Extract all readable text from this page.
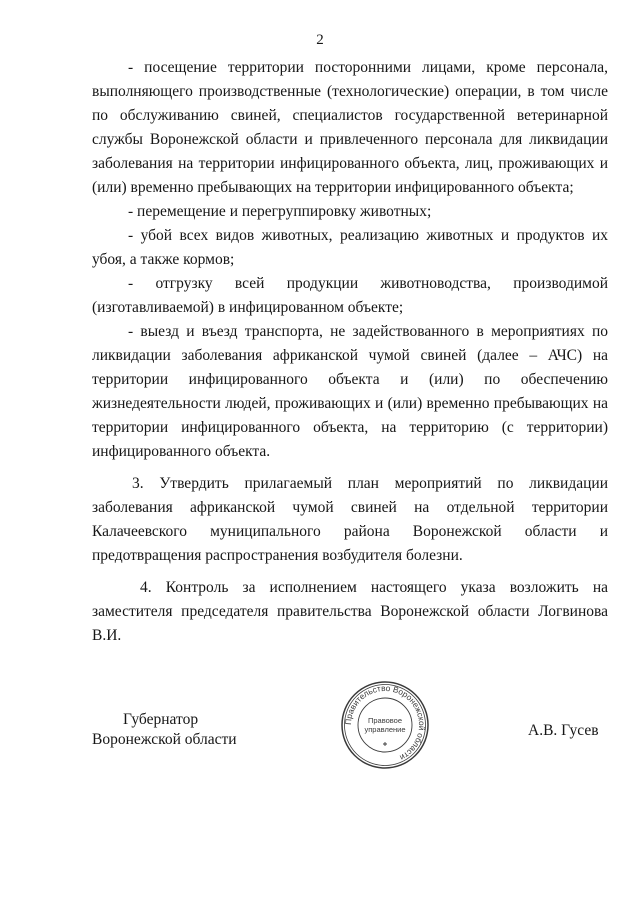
2

- посещение территории посторонними лицами, кроме персонала, выполняющего производственные (технологические) операции, в том числе по обслуживанию свиней, специалистов государственной ветеринарной службы Воронежской области и привлеченного персонала для ликвидации заболевания на территории инфицированного объекта, лиц, проживающих и (или) временно пребывающих на территории инфицированного объекта;

- перемещение и перегруппировку животных;

- убой всех видов животных, реализацию животных и продуктов их убоя, а также кормов;

- отгрузку всей продукции животноводства, производимой (изготавливаемой) в инфицированном объекте;

- выезд и въезд транспорта, не задействованного в мероприятиях по ликвидации заболевания африканской чумой свиней (далее – АЧС) на территории инфицированного объекта и (или) по обеспечению жизнедеятельности людей, проживающих и (или) временно пребывающих на территории инфицированного объекта, на территорию (с территории) инфицированного объекта.

3. Утвердить прилагаемый план мероприятий по ликвидации заболевания африканской чумой свиней на отдельной территории Калачеевского муниципального района Воронежской области и предотвращения распространения возбудителя болезни.

4. Контроль за исполнением настоящего указа возложить на заместителя председателя правительства Воронежской области Логвинова В.И.

Губернатор
Воронежской области
Правительство Воронежской области
Правовое
управление	А.В. Гусев
